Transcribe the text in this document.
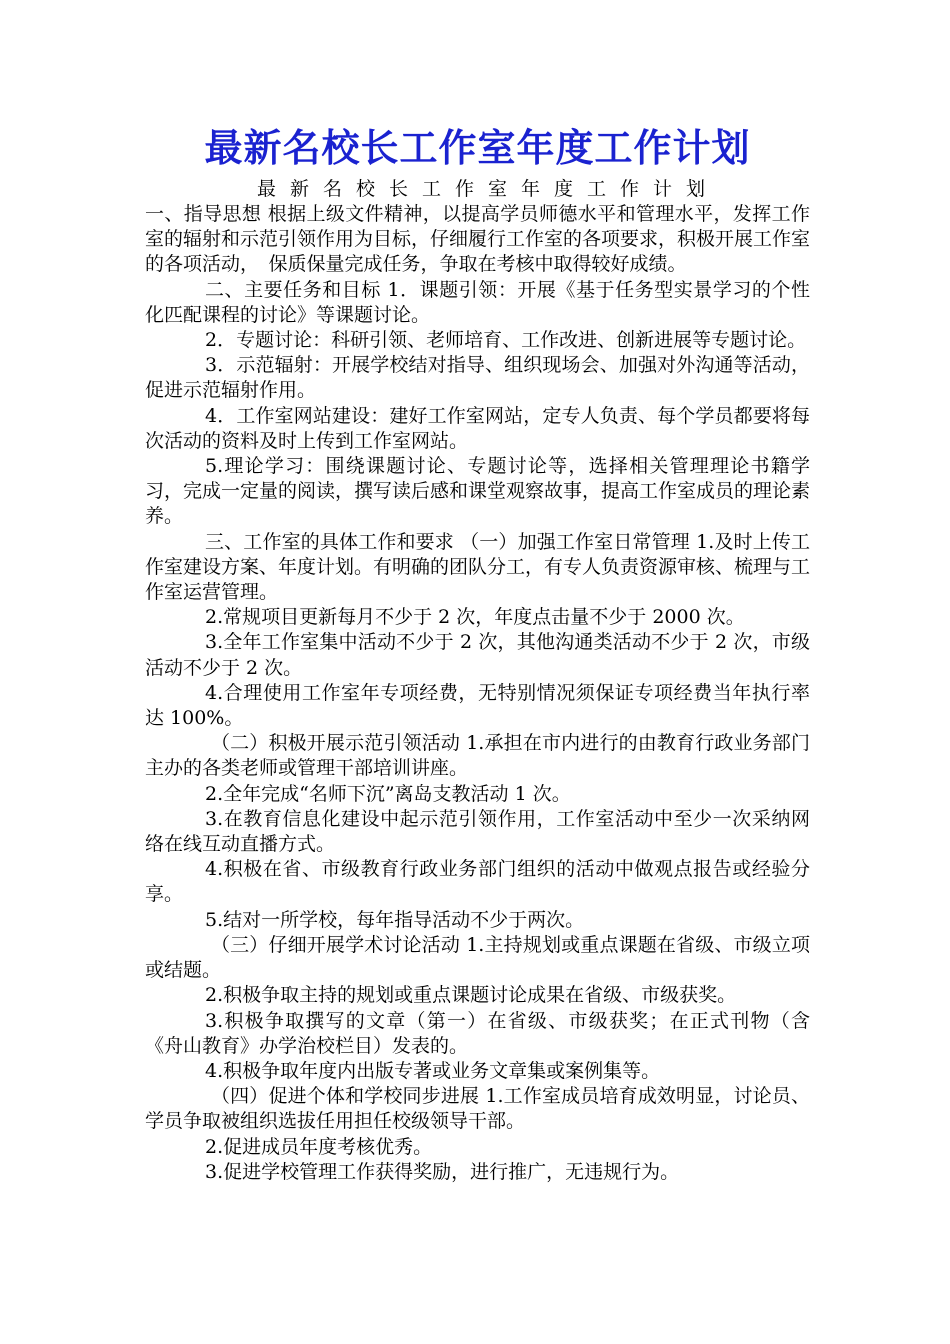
最新名校长工作室年度工作计划

最新名校长工作室年度工作计划

一、指导思想 根据上级文件精神，以提高学员师德水平和管理水平，发挥工作室的辐射和示范引领作用为目标，仔细履行工作室的各项要求，积极开展工作室的各项活动，　保质保量完成任务，争取在考核中取得较好成绩。

二、主要任务和目标 1．课题引领：开展《基于任务型实景学习的个性化匹配课程的讨论》等课题讨论。

2．专题讨论：科研引领、老师培育、工作改进、创新进展等专题讨论。

3．示范辐射：开展学校结对指导、组织现场会、加强对外沟通等活动，促进示范辐射作用。

4．工作室网站建设：建好工作室网站，定专人负责、每个学员都要将每次活动的资料及时上传到工作室网站。

5.理论学习：围绕课题讨论、专题讨论等，选择相关管理理论书籍学习，完成一定量的阅读，撰写读后感和课堂观察故事，提高工作室成员的理论素养。

三、工作室的具体工作和要求 （一）加强工作室日常管理 1.及时上传工作室建设方案、年度计划。有明确的团队分工，有专人负责资源审核、梳理与工作室运营管理。

2.常规项目更新每月不少于 2 次，年度点击量不少于 2000 次。

3.全年工作室集中活动不少于 2 次，其他沟通类活动不少于 2 次，市级活动不少于 2 次。

4.合理使用工作室年专项经费，无特别情况须保证专项经费当年执行率达 100%。

（二）积极开展示范引领活动 1.承担在市内进行的由教育行政业务部门主办的各类老师或管理干部培训讲座。

2.全年完成“名师下沉”离岛支教活动 1 次。

3.在教育信息化建设中起示范引领作用，工作室活动中至少一次采纳网络在线互动直播方式。

4.积极在省、市级教育行政业务部门组织的活动中做观点报告或经验分享。

5.结对一所学校，每年指导活动不少于两次。

（三）仔细开展学术讨论活动 1.主持规划或重点课题在省级、市级立项或结题。

2.积极争取主持的规划或重点课题讨论成果在省级、市级获奖。

3.积极争取撰写的文章（第一）在省级、市级获奖；在正式刊物（含《舟山教育》办学治校栏目）发表的。

4.积极争取年度内出版专著或业务文章集或案例集等。

（四）促进个体和学校同步进展 1.工作室成员培育成效明显，讨论员、学员争取被组织选拔任用担任校级领导干部。

2.促进成员年度考核优秀。

3.促进学校管理工作获得奖励，进行推广，无违规行为。
